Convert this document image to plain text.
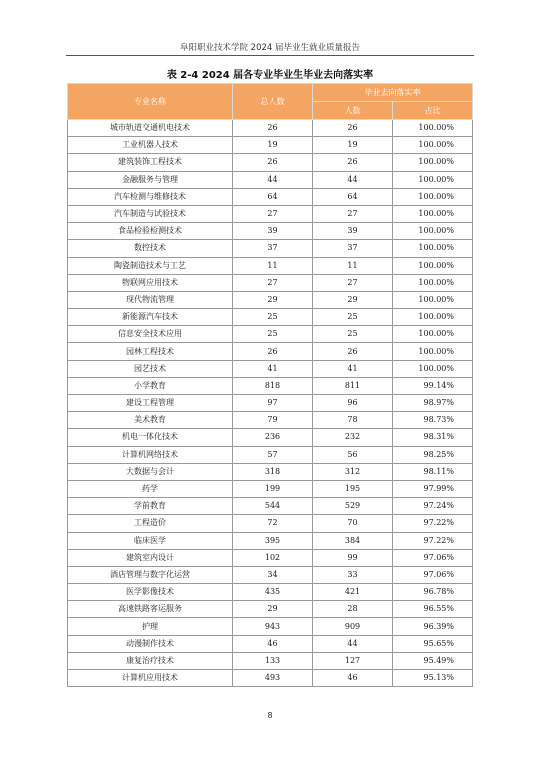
阜阳职业技术学院 2024 届毕业生就业质量报告
表 2-4 2024 届各专业毕业生毕业去向落实率
专业名称	总人数	毕业去向落实率	
		人数	占比
城市轨道交通机电技术	26	26	100.00%
工业机器人技术	19	19	100.00%
建筑装饰工程技术	26	26	100.00%
金融服务与管理	44	44	100.00%
汽车检测与维修技术	64	64	100.00%
汽车制造与试验技术	27	27	100.00%
食品检验检测技术	39	39	100.00%
数控技术	37	37	100.00%
陶瓷制造技术与工艺	11	11	100.00%
物联网应用技术	27	27	100.00%
现代物流管理	29	29	100.00%
新能源汽车技术	25	25	100.00%
信息安全技术应用	25	25	100.00%
园林工程技术	26	26	100.00%
园艺技术	41	41	100.00%
小学教育	818	811	99.14%
建设工程管理	97	96	98.97%
美术教育	79	78	98.73%
机电一体化技术	236	232	98.31%
计算机网络技术	57	56	98.25%
大数据与会计	318	312	98.11%
药学	199	195	97.99%
学前教育	544	529	97.24%
工程造价	72	70	97.22%
临床医学	395	384	97.22%
建筑室内设计	102	99	97.06%
酒店管理与数字化运营	34	33	97.06%
医学影像技术	435	421	96.78%
高速铁路客运服务	29	28	96.55%
护理	943	909	96.39%
动漫制作技术	46	44	95.65%
康复治疗技术	133	127	95.49%
计算机应用技术	493	46	95.13%
8
